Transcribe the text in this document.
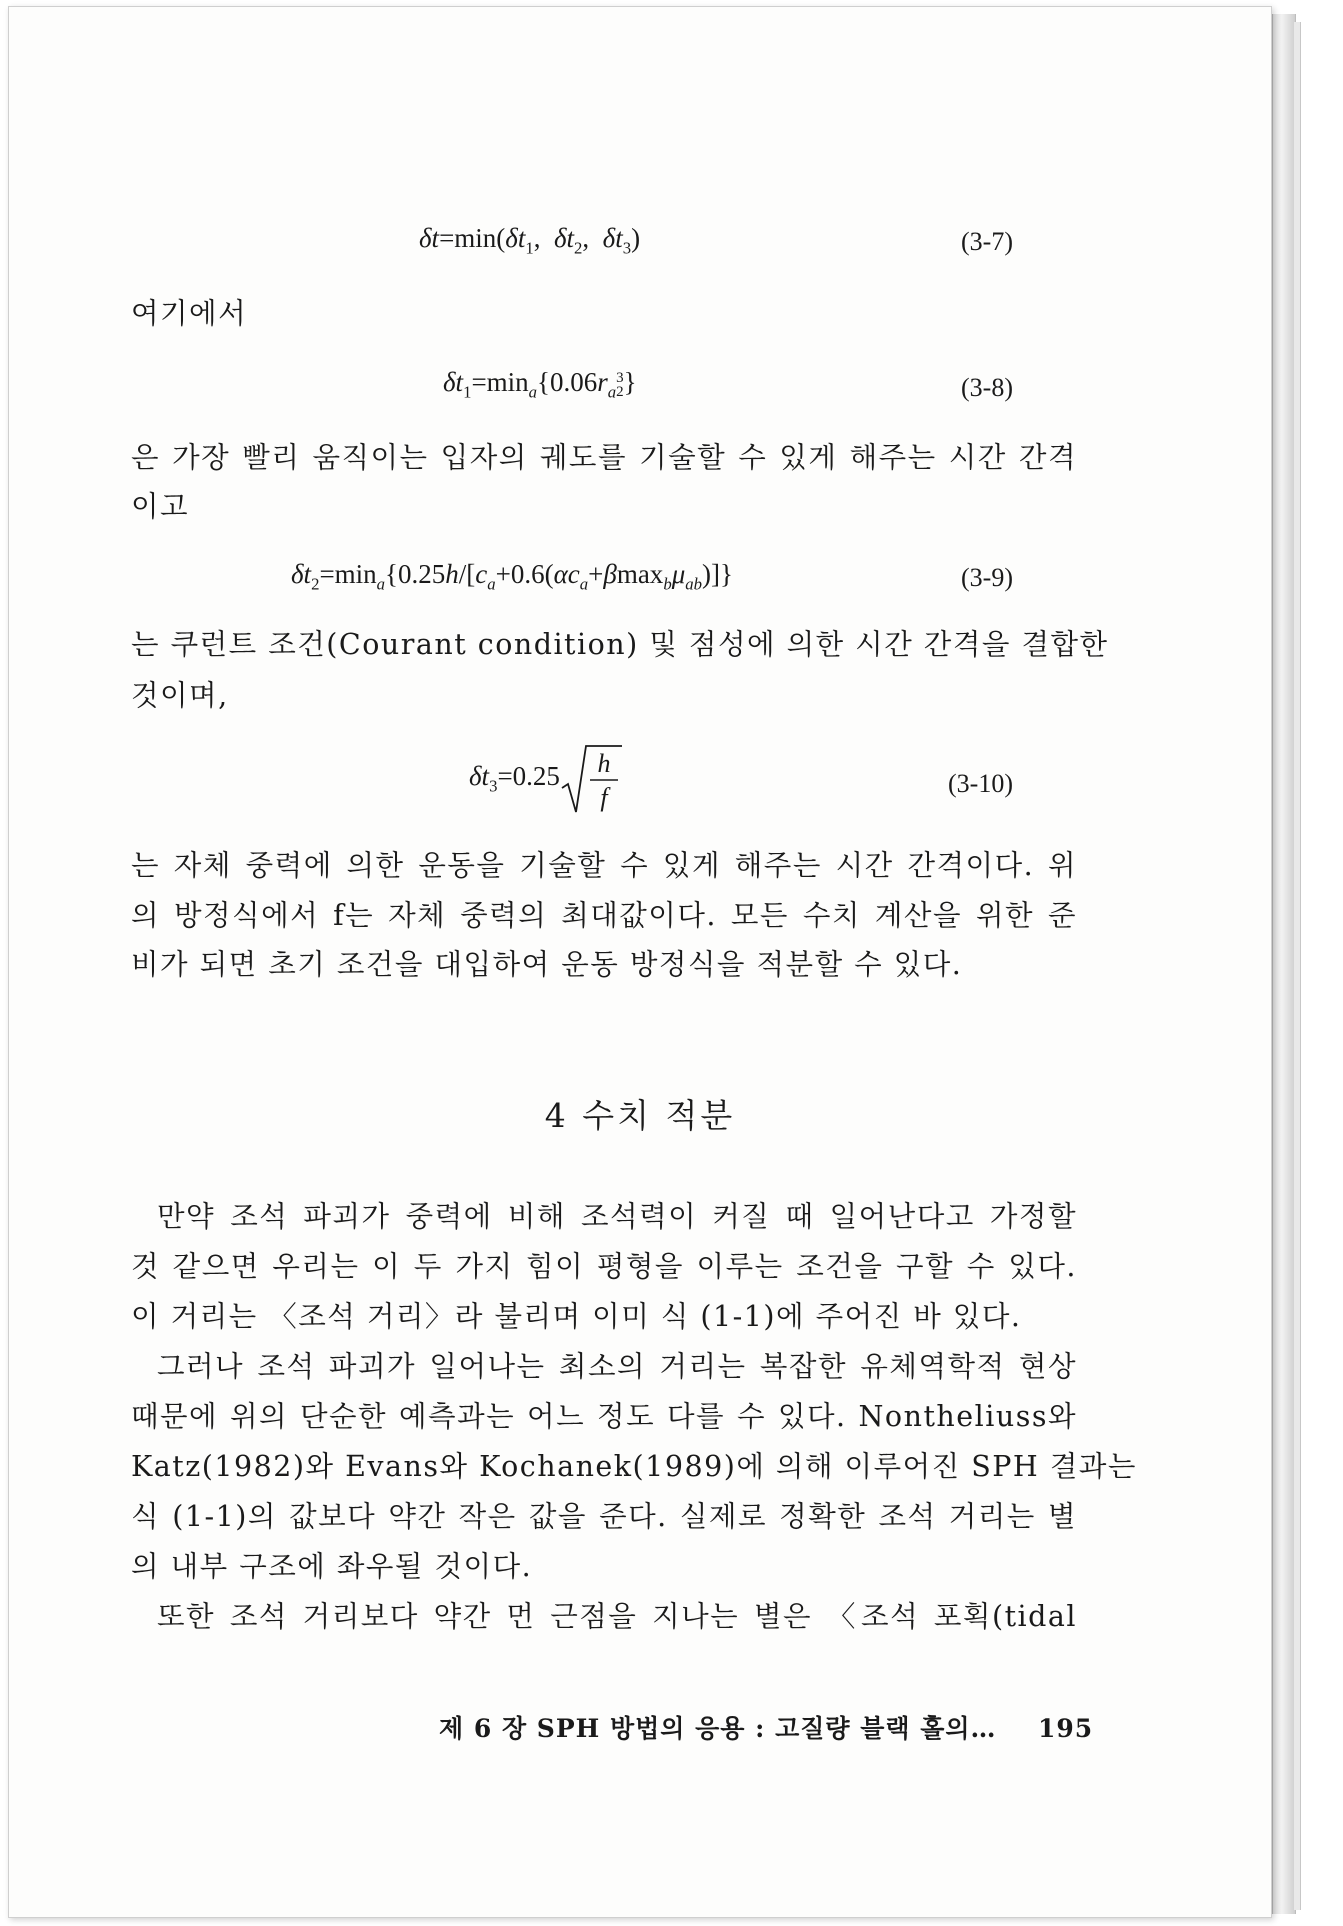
$\delta t=\min(\delta t_1$,  $\delta t_2$,  $\delta t_3$)	(3-7)
여기에서
$\delta t_1=\min_a\{0.06r_a$
3
2 }	(3-8)
은 가장 빨리 움직이는 입자의 궤도를 기술할 수 있게 해주는 시간 간격
이고
$\delta t_2=\min_a\{0.25h/[c_a+0.6(\alpha c_a+\beta\max_b\mu_{ab})]\}$	(3-9)
는 쿠런트 조건(Courant condition) 및 점성에 의한 시간 간격을 결합한
것이며,
$\delta t_3=0.25$ h
f	(3-10)
는 자체 중력에 의한 운동을 기술할 수 있게 해주는 시간 간격이다. 위
의 방정식에서 f는 자체 중력의 최대값이다. 모든 수치 계산을 위한 준
비가 되면 초기 조건을 대입하여 운동 방정식을 적분할 수 있다.
4 수치 적분
만약 조석 파괴가 중력에 비해 조석력이 커질 때 일어난다고 가정할
것 같으면 우리는 이 두 가지 힘이 평형을 이루는 조건을 구할 수 있다.
이 거리는 〈조석 거리〉라 불리며 이미 식 (1-1)에 주어진 바 있다.
그러나 조석 파괴가 일어나는 최소의 거리는 복잡한 유체역학적 현상
때문에 위의 단순한 예측과는 어느 정도 다를 수 있다. Nontheliuss와
Katz(1982)와 Evans와 Kochanek(1989)에 의해 이루어진 SPH 결과는
식 (1-1)의 값보다 약간 작은 값을 준다. 실제로 정확한 조석 거리는 별
의 내부 구조에 좌우될 것이다.
또한 조석 거리보다 약간 먼 근점을 지나는 별은 〈조석 포획(tidal
제 6 장 SPH 방법의 응용 : 고질량 블랙 홀의… 195
